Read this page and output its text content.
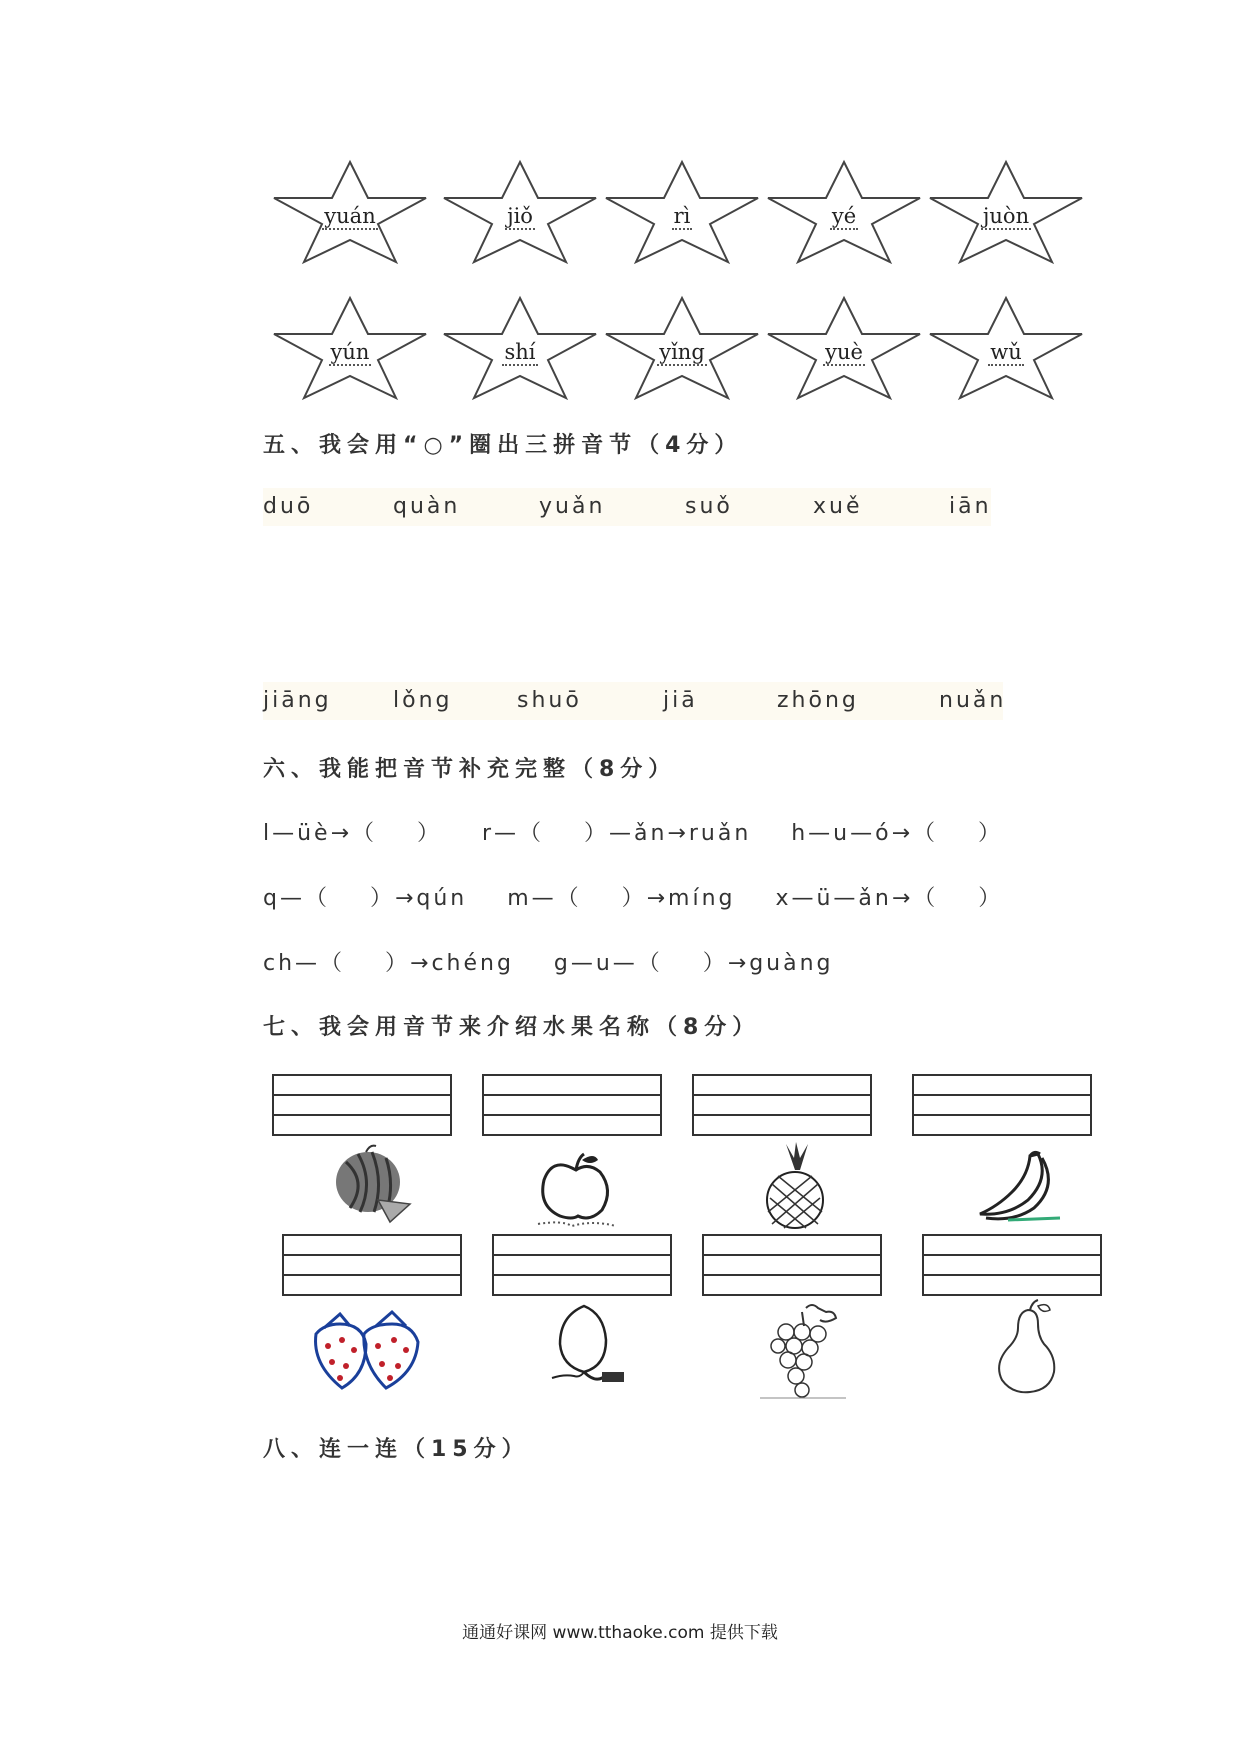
yuán	jiǒ	rì	yé	juòn
yún	shí	yǐng	yuè	wǔ
五、我会用“○”圈出三拼音节（4分）
duō	quàn	yuǎn	suǒ	xuě	iān
jiāng	lǒng	shuō	jiā	zhōng	nuǎn
六、我能把音节补充完整（8分）
l—üè→（    ）    r—（    ）—ǎn→ruǎn    h—u—ó→（    ）
q—（    ）→qún    m—（    ）→míng    x—ü—ǎn→（    ）
ch—（    ）→chéng    g—u—（    ）→guàng
七、我会用音节来介绍水果名称（8分）
八、连一连（15分）
通通好课网 www.tthaoke.com 提供下载
